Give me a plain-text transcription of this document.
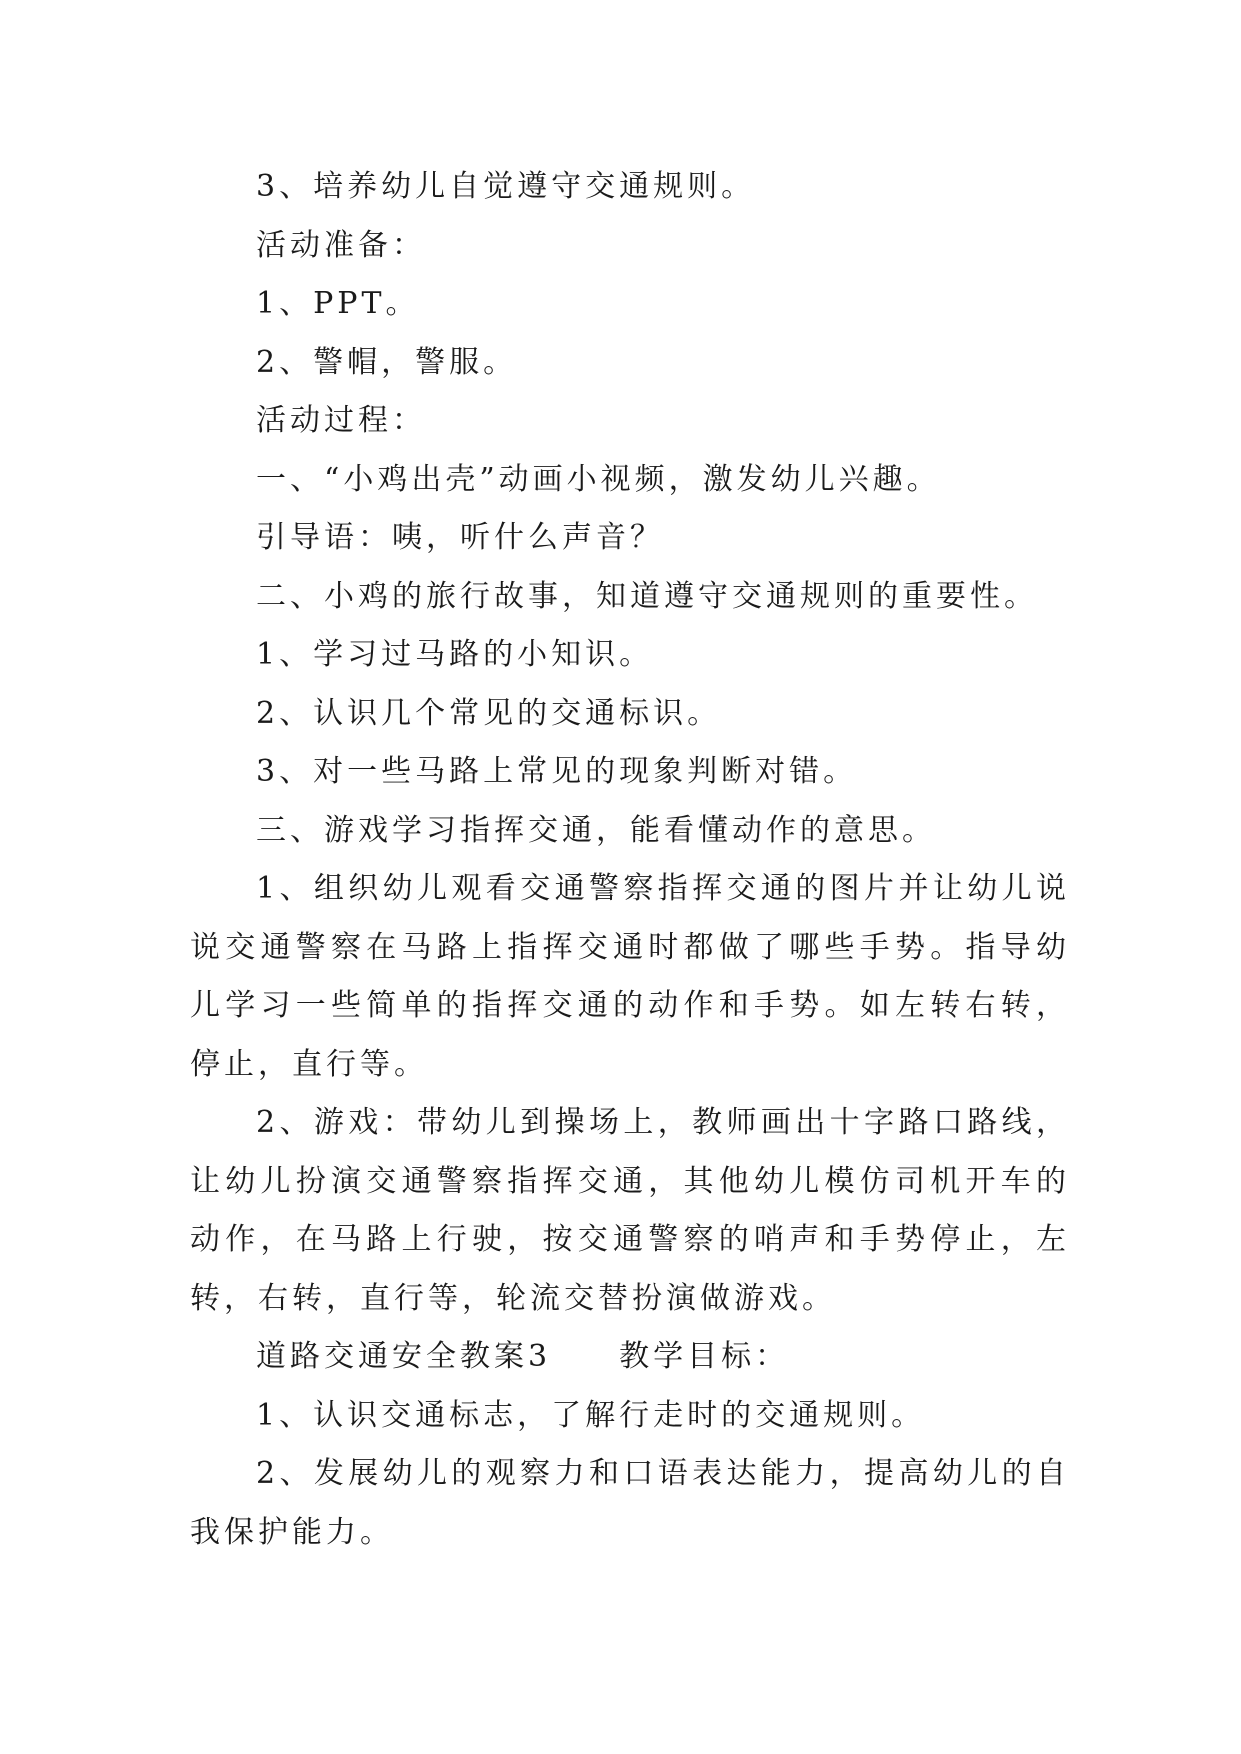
3、培养幼儿自觉遵守交通规则。

活动准备：

1、PPT。

2、警帽，警服。

活动过程：

一、“小鸡出壳”动画小视频，激发幼儿兴趣。

引导语：咦，听什么声音？

二、小鸡的旅行故事，知道遵守交通规则的重要性。

1、学习过马路的小知识。

2、认识几个常见的交通标识。

3、对一些马路上常见的现象判断对错。

三、游戏学习指挥交通，能看懂动作的意思。

1、组织幼儿观看交通警察指挥交通的图片并让幼儿说说交通警察在马路上指挥交通时都做了哪些手势。指导幼儿学习一些简单的指挥交通的动作和手势。如左转右转，停止，直行等。

2、游戏：带幼儿到操场上，教师画出十字路口路线，让幼儿扮演交通警察指挥交通，其他幼儿模仿司机开车的动作，在马路上行驶，按交通警察的哨声和手势停止，左转，右转，直行等，轮流交替扮演做游戏。

道路交通安全教案3　　教学目标：

1、认识交通标志，了解行走时的交通规则。

2、发展幼儿的观察力和口语表达能力，提高幼儿的自我保护能力。
